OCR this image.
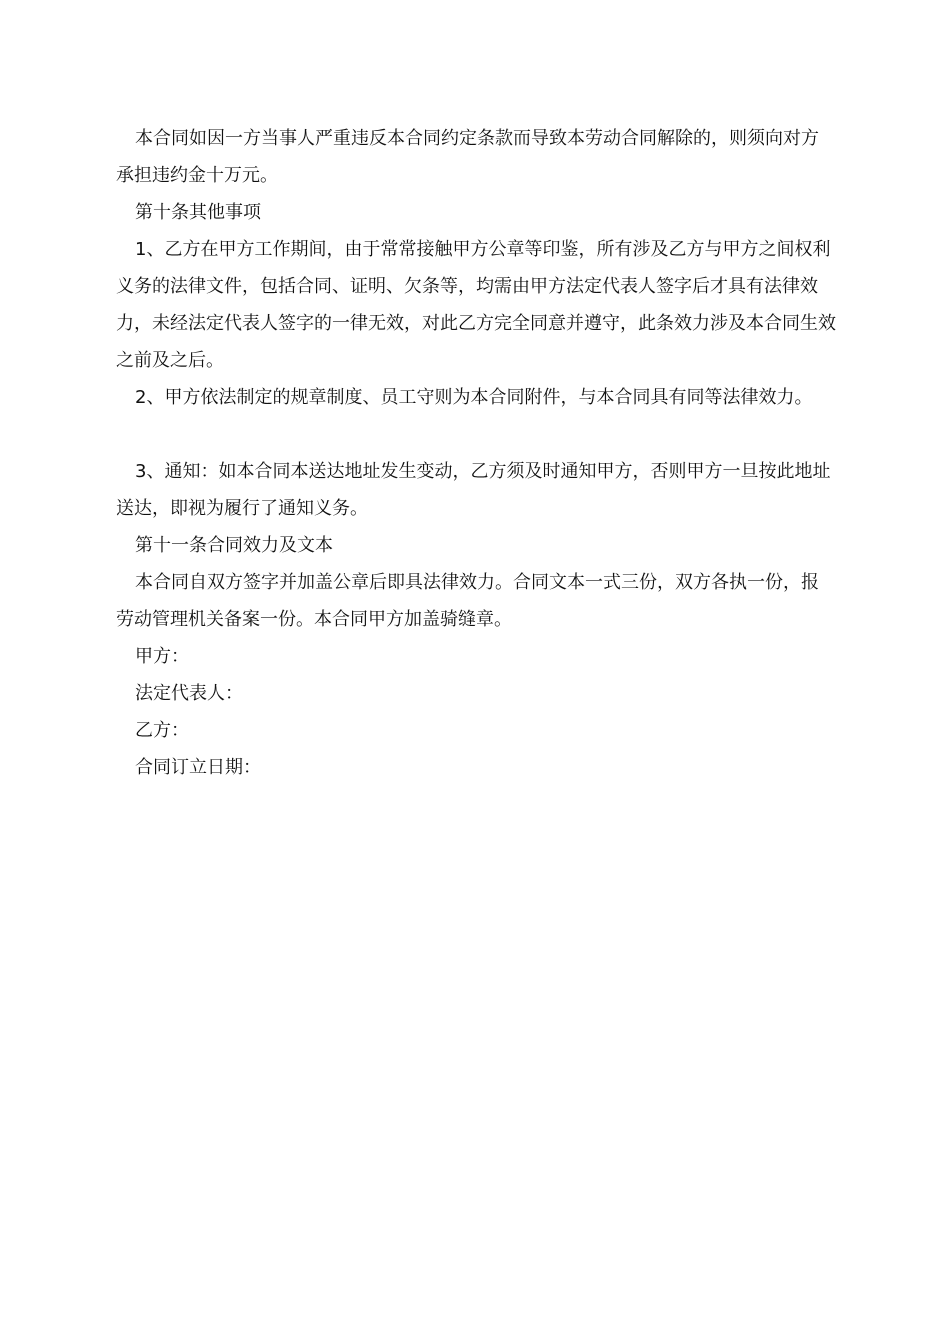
本合同如因一方当事人严重违反本合同约定条款而导致本劳动合同解除的，则须向对方承担违约金十万元。

第十条其他事项

1、乙方在甲方工作期间，由于常常接触甲方公章等印鉴，所有涉及乙方与甲方之间权利义务的法律文件，包括合同、证明、欠条等，均需由甲方法定代表人签字后才具有法律效力，未经法定代表人签字的一律无效，对此乙方完全同意并遵守，此条效力涉及本合同生效之前及之后。

2、甲方依法制定的规章制度、员工守则为本合同附件，与本合同具有同等法律效力。

3、通知：如本合同本送达地址发生变动，乙方须及时通知甲方，否则甲方一旦按此地址送达，即视为履行了通知义务。

第十一条合同效力及文本

本合同自双方签字并加盖公章后即具法律效力。合同文本一式三份，双方各执一份，报劳动管理机关备案一份。本合同甲方加盖骑缝章。

甲方：

法定代表人：

乙方：

合同订立日期：
